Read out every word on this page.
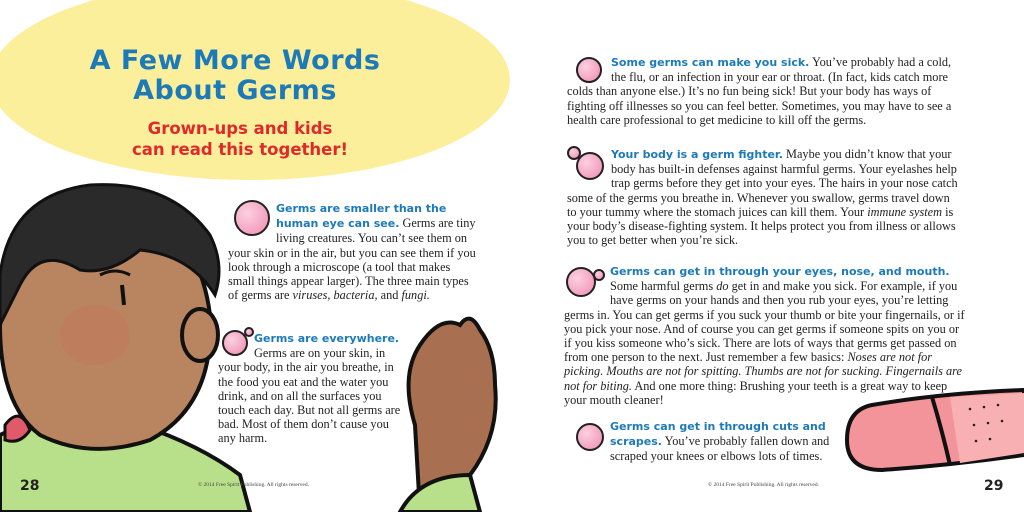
A Few More Words
About Germs
Grown-ups and kids
can read this together!
Germs are smaller than the human eye can see. Germs are tiny living creatures. You can’t see them on your skin or in the air, but you can see them if you look through a microscope (a tool that makes small things appear larger). The three main types of germs are viruses, bacteria, and fungi.
Germs are everywhere. Germs are on your skin, in your body, in the air you breathe, in the food you eat and the water you drink, and on all the surfaces you touch each day. But not all germs are bad. Most of them don’t cause you any harm.
28	© 2014 Free Spirit Publishing. All rights reserved.
Some germs can make you sick. You’ve probably had a cold, the flu, or an infection in your ear or throat. (In fact, kids catch more colds than anyone else.) It’s no fun being sick! But your body has ways of fighting off illnesses so you can feel better. Sometimes, you may have to see a health care professional to get medicine to kill off the germs.
Your body is a germ fighter. Maybe you didn’t know that your body has built-in defenses against harmful germs. Your eyelashes help trap germs before they get into your eyes. The hairs in your nose catch some of the germs you breathe in. Whenever you swallow, germs travel down to your tummy where the stomach juices can kill them. Your immune system is your body’s disease-fighting system. It helps protect you from illness or allows you to get better when you’re sick.
Germs can get in through your eyes, nose, and mouth. Some harmful germs do get in and make you sick. For example, if you have germs on your hands and then you rub your eyes, you’re letting germs in. You can get germs if you suck your thumb or bite your fingernails, or if you pick your nose. And of course you can get germs if someone spits on you or if you kiss someone who’s sick. There are lots of ways that germs get passed on from one person to the next. Just remember a few basics: Noses are not for picking. Mouths are not for spitting. Thumbs are not for sucking. Fingernails are not for biting. And one more thing: Brushing your teeth is a great way to keep your mouth cleaner!
Germs can get in through cuts and scrapes. You’ve probably fallen down and scraped your knees or elbows lots of times.
29
© 2014 Free Spirit Publishing. All rights reserved.
